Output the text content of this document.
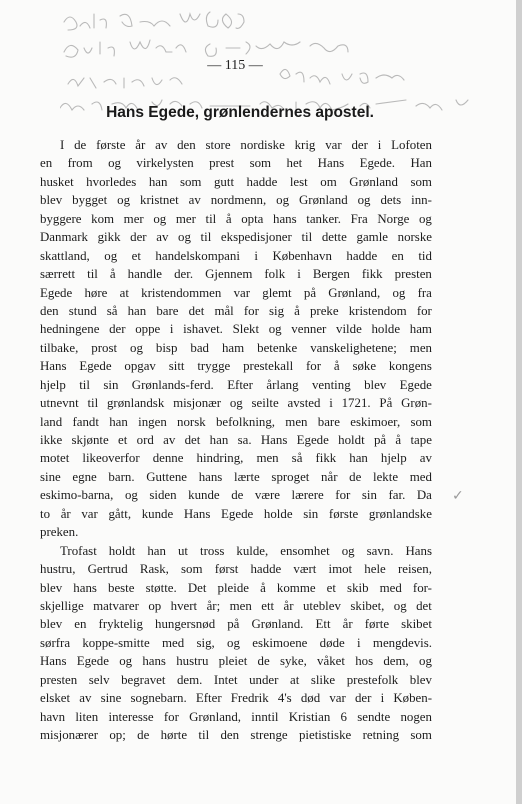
— 115 —
Hans Egede, grønlendernes apostel.
I de første år av den store nordiske krig var der i Lofoten
en from og virkelysten prest som het Hans Egede. Han
husket hvorledes han som gutt hadde lest om Grønland som
blev bygget og kristnet av nordmenn, og Grønland og dets inn-
byggere kom mer og mer til å opta hans tanker. Fra Norge og
Danmark gikk der av og til ekspedisjoner til dette gamle norske
skattland, og et handelskompani i København hadde en tid
særrett til å handle der. Gjennem folk i Bergen fikk presten
Egede høre at kristendommen var glemt på Grønland, og fra
den stund så han bare det mål for sig å preke kristendom for
hedningene der oppe i ishavet. Slekt og venner vilde holde ham
tilbake, prost og bisp bad ham betenke vanskelighetene; men
Hans Egede opgav sitt trygge prestekall for å søke kongens
hjelp til sin Grønlands-ferd. Efter årlang venting blev Egede
utnevnt til grønlandsk misjonær og seilte avsted i 1721. På Grøn-
land fandt han ingen norsk befolkning, men bare eskimoer, som
ikke skjønte et ord av det han sa. Hans Egede holdt på å tape
motet likeoverfor denne hindring, men så fikk han hjelp av
sine egne barn. Guttene hans lærte sproget når de lekte med
eskimo-barna, og siden kunde de være lærere for sin far. Da
to år var gått, kunde Hans Egede holde sin første grønlandske
preken.
Trofast holdt han ut tross kulde, ensomhet og savn. Hans
hustru, Gertrud Rask, som først hadde vært imot hele reisen,
blev hans beste støtte. Det pleide å komme et skib med for-
skjellige matvarer op hvert år; men ett år uteblev skibet, og det
blev en fryktelig hungersnød på Grønland. Ett år førte skibet
sørfra koppe-smitte med sig, og eskimoene døde i mengdevis.
Hans Egede og hans hustru pleiet de syke, våket hos dem, og
presten selv begravet dem. Intet under at slike prestefolk blev
elsket av sine sognebarn. Efter Fredrik 4's død var der i Køben-
havn liten interesse for Grønland, inntil Kristian 6 sendte nogen
misjonærer op; de hørte til den strenge pietistiske retning som
✓
